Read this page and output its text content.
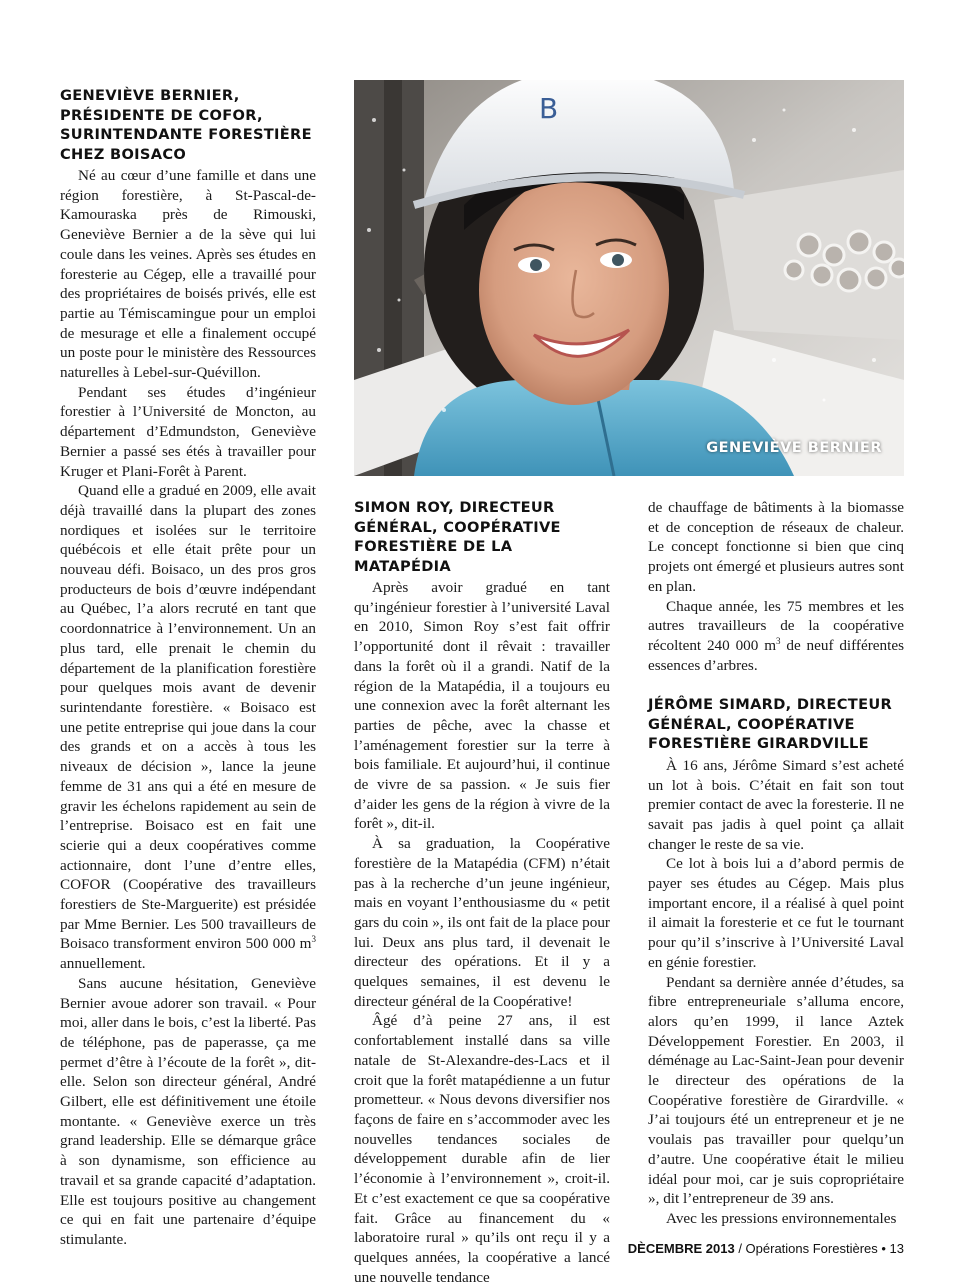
GENEVIÈVE BERNIER,
PRÉSIDENTE DE COFOR,
SURINTENDANTE FORESTIÈRE
CHEZ BOISACO

Né au cœur d’une famille et dans une région forestière, à St-Pascal-de-Kamouraska près de Rimouski, Geneviève Bernier a de la sève qui lui coule dans les veines. Après ses études en foresterie au Cégep, elle a travaillé pour des propriétaires de boisés privés, elle est partie au Témiscamingue pour un emploi de mesurage et elle a finalement occupé un poste pour le ministère des Ressources naturelles à Lebel-sur-Quévillon.

Pendant ses études d’ingénieur forestier à l’Université de Moncton, au département d’Edmundston, Geneviève Bernier a passé ses étés à travailler pour Kruger et Plani-Forêt à Parent.

Quand elle a gradué en 2009, elle avait déjà travaillé dans la plupart des zones nordiques et isolées sur le territoire québécois et elle était prête pour un nouveau défi. Boisaco, un des pros gros producteurs de bois d’œuvre indépendant au Québec, l’a alors recruté en tant que coordonnatrice à l’environnement. Un an plus tard, elle prenait le chemin du département de la planification forestière pour quelques mois avant de devenir surintendante forestière. « Boisaco est une petite entreprise qui joue dans la cour des grands et on a accès à tous les niveaux de décision », lance la jeune femme de 31 ans qui a été en mesure de gravir les échelons rapidement au sein de l’entreprise. Boisaco est en fait une scierie qui a deux coopératives comme actionnaire, dont l’une d’entre elles, COFOR (Coopérative des travailleurs forestiers de Ste-Marguerite) est présidée par Mme Bernier. Les 500 travailleurs de Boisaco transforment environ 500 000 $m^3$ annuellement.

Sans aucune hésitation, Geneviève Bernier avoue adorer son travail. « Pour moi, aller dans le bois, c’est la liberté. Pas de téléphone, pas de paperasse, ça me permet d’être à l’écoute de la forêt », dit-elle. Selon son directeur général, André Gilbert, elle est définitivement une étoile montante. « Geneviève exerce un très grand leadership. Elle se démarque grâce à son dynamisme, son efficience au travail et sa grande capacité d’adaptation. Elle est toujours positive au changement ce qui en fait une partenaire d’équipe stimulante.

B
GENEVIÈVE BERNIER
SIMON ROY, DIRECTEUR
GÉNÉRAL, COOPÉRATIVE
FORESTIÈRE DE LA MATAPÉDIA

Après avoir gradué en tant qu’ingénieur forestier à l’université Laval en 2010, Simon Roy s’est fait offrir l’opportunité dont il rêvait : travailler dans la forêt où il a grandi. Natif de la région de la Matapédia, il a toujours eu une connexion avec la forêt alternant les parties de pêche, avec la chasse et l’aménagement forestier sur la terre à bois familiale. Et aujourd’hui, il continue de vivre de sa passion. « Je suis fier d’aider les gens de la région à vivre de la forêt », dit-il.

À sa graduation, la Coopérative forestière de la Matapédia (CFM) n’était pas à la recherche d’un jeune ingénieur, mais en voyant l’enthousiasme du « petit gars du coin », ils ont fait de la place pour lui. Deux ans plus tard, il devenait le directeur des opérations. Et il y a quelques semaines, il est devenu le directeur général de la Coopérative!

Âgé d’à peine 27 ans, il est confortablement installé dans sa ville natale de St-Alexandre-des-Lacs et il croit que la forêt matapédienne a un futur prometteur. « Nous devons diversifier nos façons de faire en s’accommoder avec les nouvelles tendances sociales de développement durable afin de lier l’économie à l’environnement », croit-il. Et c’est exactement ce que sa coopérative fait. Grâce au financement du « laboratoire rural » qu’ils ont reçu il y a quelques années, la coopérative a lancé une nouvelle tendance

de chauffage de bâtiments à la biomasse et de conception de réseaux de chaleur. Le concept fonctionne si bien que cinq projets ont émergé et plusieurs autres sont en plan.

Chaque année, les 75 membres et les autres travailleurs de la coopérative récoltent 240 000 $m^3$ de neuf différentes essences d’arbres.

JÉRÔME SIMARD, DIRECTEUR
GÉNÉRAL, COOPÉRATIVE
FORESTIÈRE GIRARDVILLE

À 16 ans, Jérôme Simard s’est acheté un lot à bois. C’était en fait son tout premier contact de avec la foresterie. Il ne savait pas jadis à quel point ça allait changer le reste de sa vie.

Ce lot à bois lui a d’abord permis de payer ses études au Cégep. Mais plus important encore, il a réalisé à quel point il aimait la foresterie et ce fut le tournant pour qu’il s’inscrive à l’Université Laval en génie forestier.

Pendant sa dernière année d’études, sa fibre entrepreneuriale s’alluma encore, alors qu’en 1999, il lance Aztek Développement Forestier. En 2003, il déménage au Lac-Saint-Jean pour devenir le directeur des opérations de la Coopérative forestière de Girardville. « J’ai toujours été un entrepreneur et je ne voulais pas travailler pour quelqu’un d’autre. Une coopérative était le milieu idéal pour moi, car je suis copropriétaire », dit l’entrepreneur de 39 ans.

Avec les pressions environnementales

DÈCEMBRE 2013 / Opérations Forestières • 13
